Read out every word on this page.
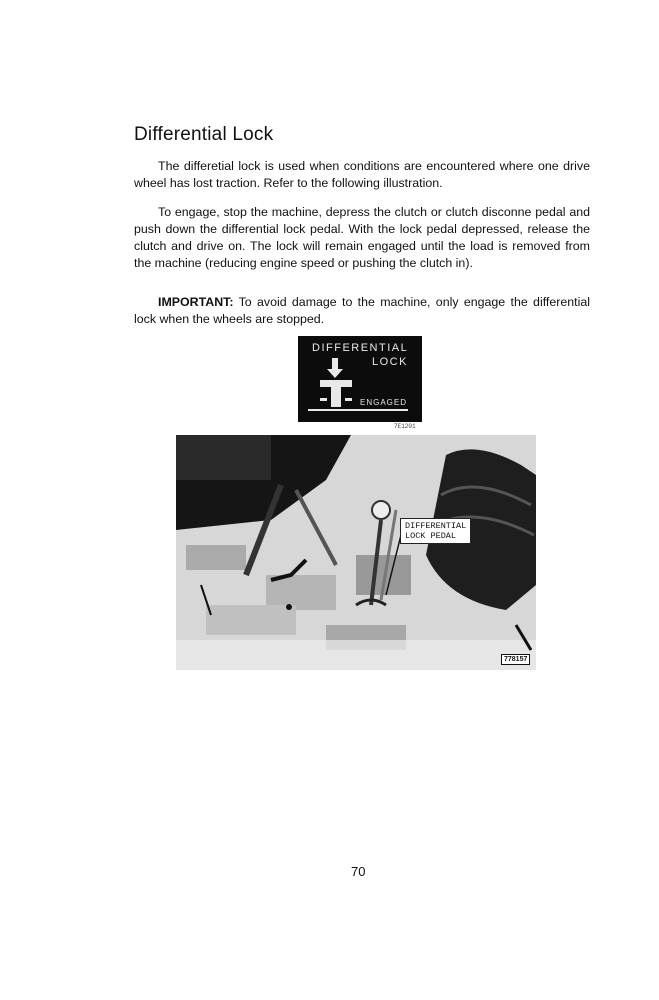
Differential Lock

The differetial lock is used when conditions are encountered where one drive wheel has lost traction. Refer to the following illustration.

To engage, stop the machine, depress the clutch or clutch disconne pedal and push down the differential lock pedal. With the lock pedal depressed, release the clutch and drive on. The lock will remain engaged until the load is removed from the machine (reducing engine speed or pushing the clutch in).

IMPORTANT: To avoid damage to the machine, only engage the differential lock when the wheels are stopped.

DIFFERENTIAL
LOCK
ENGAGED
7E1201
DIFFERENTIAL
LOCK PEDAL
778157
70
